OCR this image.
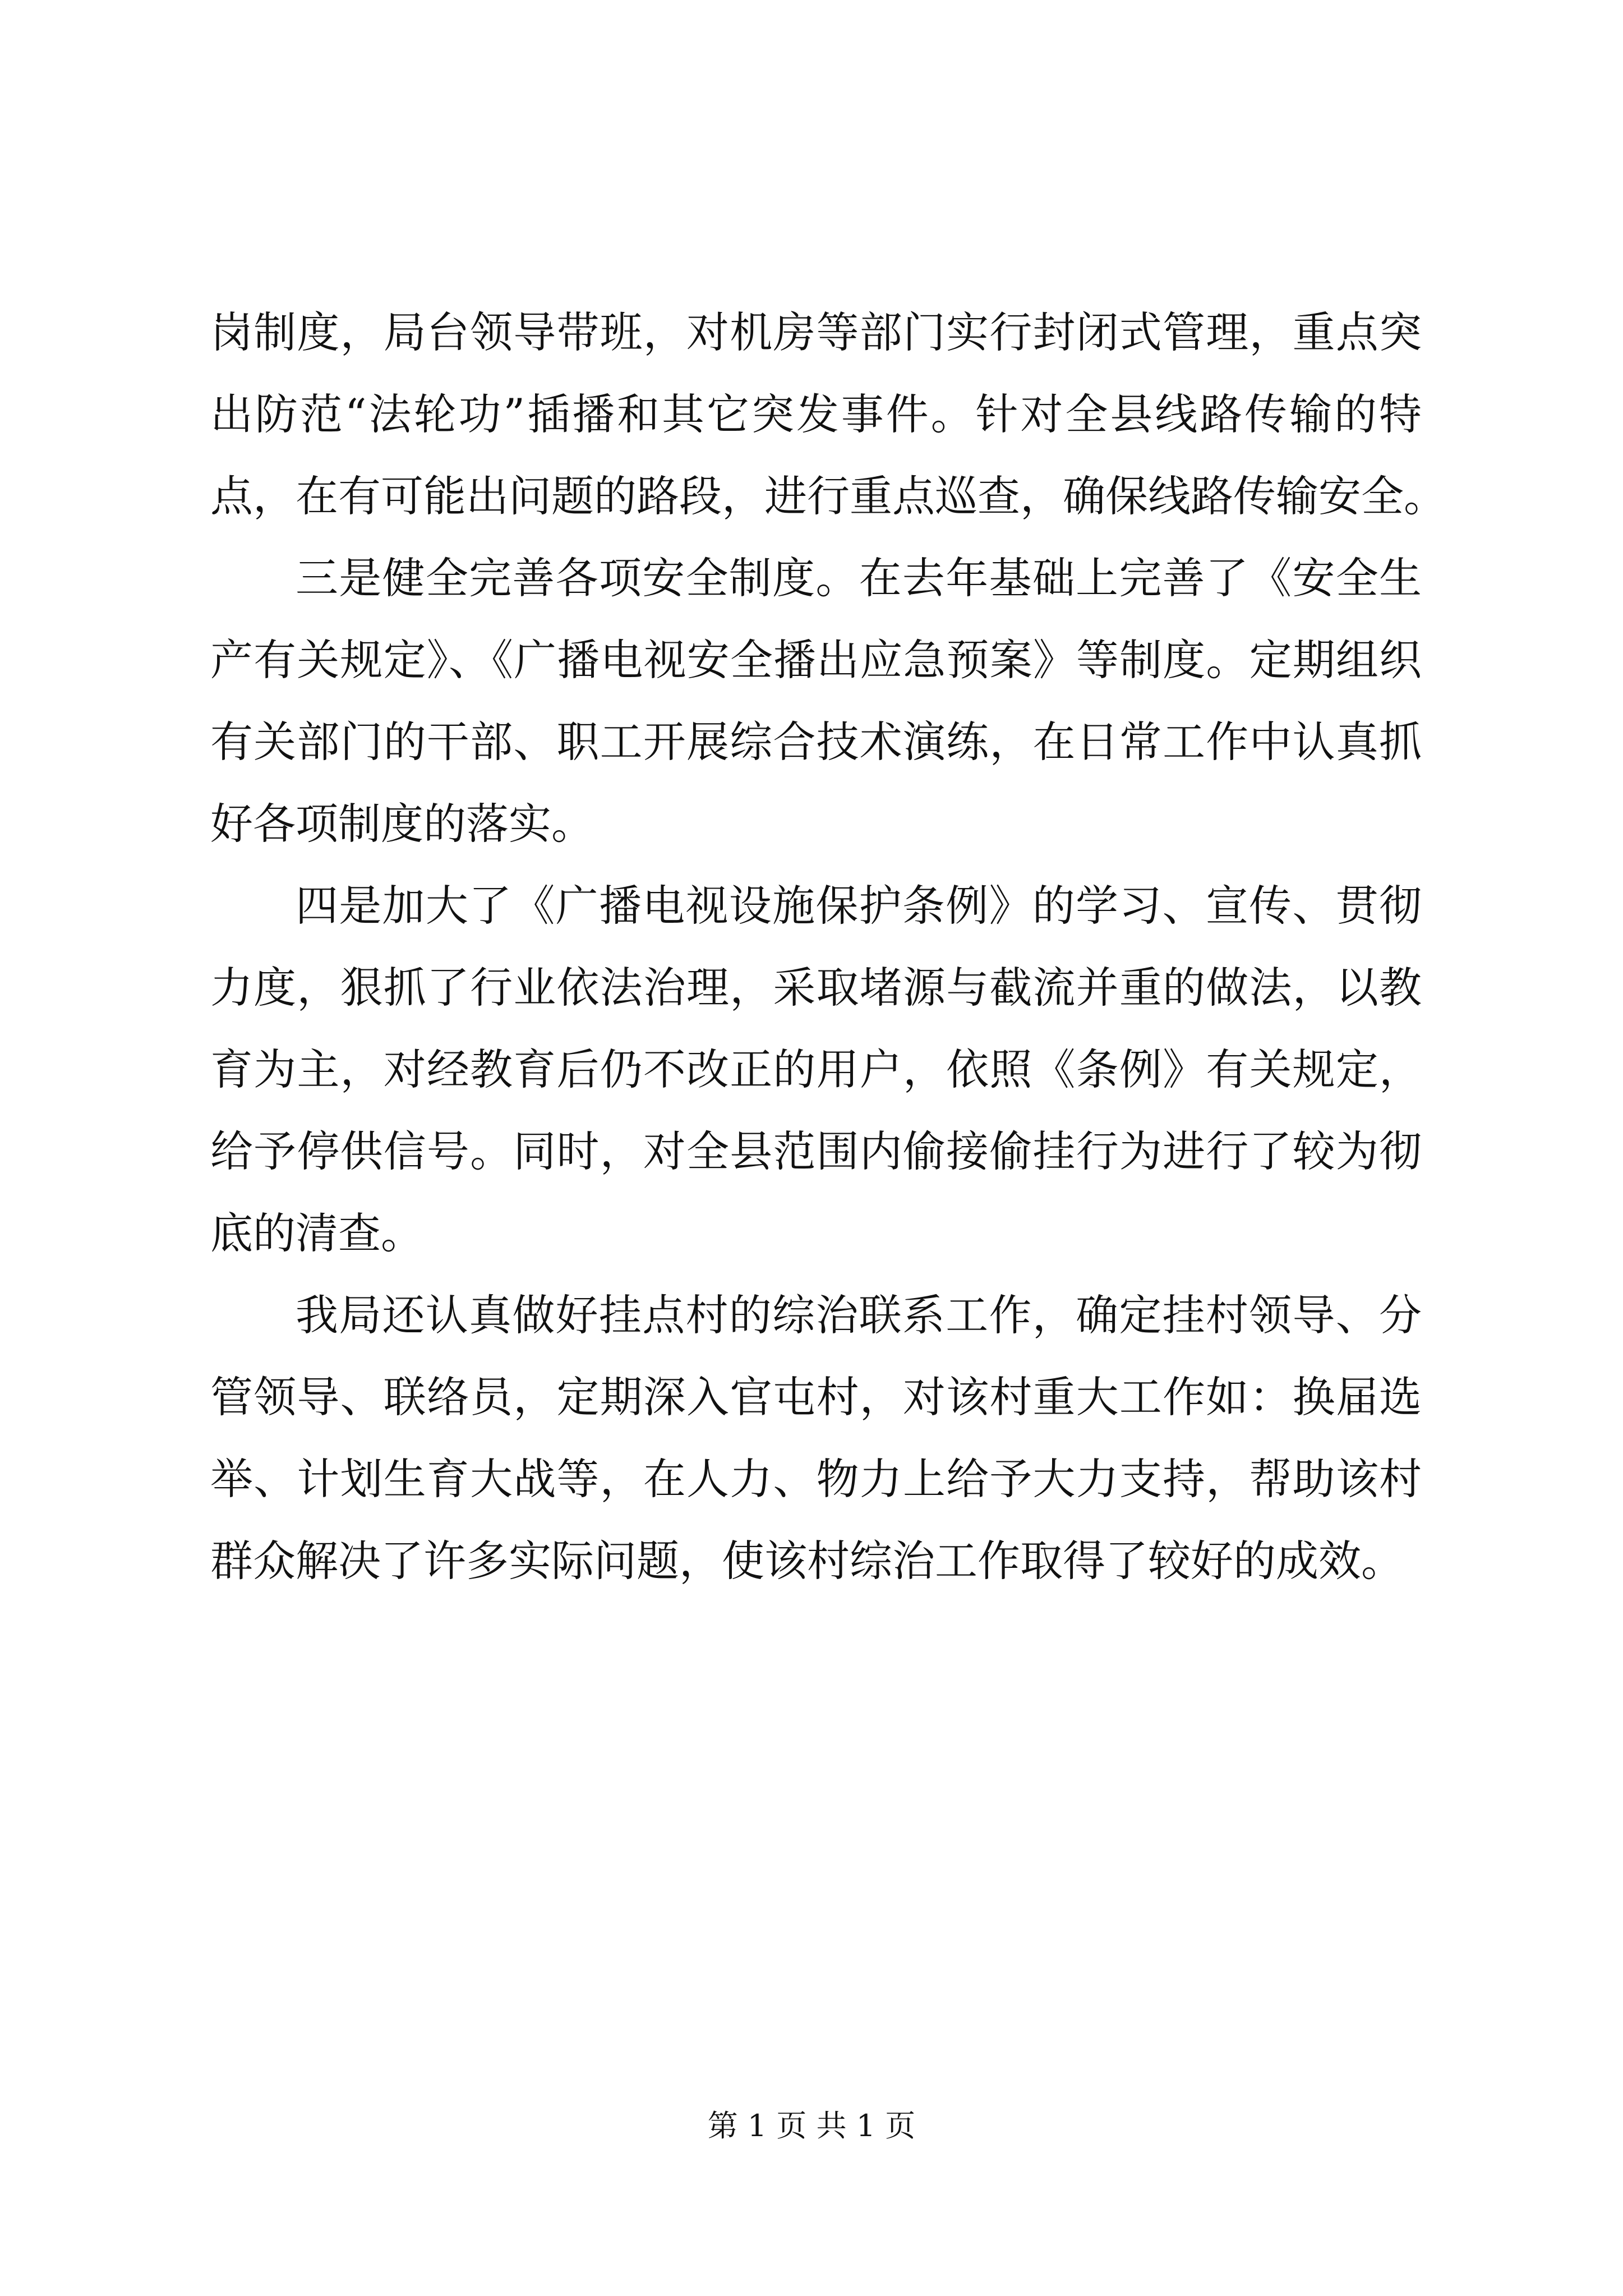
岗制度，局台领导带班，对机房等部门实行封闭式管理，重点突
出防范“法轮功”插播和其它突发事件。针对全县线路传输的特
点，在有可能出问题的路段，进行重点巡查，确保线路传输安全。
三是健全完善各项安全制度。在去年基础上完善了《安全生
产有关规定》、《广播电视安全播出应急预案》等制度。定期组织
有关部门的干部、职工开展综合技术演练，在日常工作中认真抓
好各项制度的落实。
四是加大了《广播电视设施保护条例》的学习、宣传、贯彻
力度，狠抓了行业依法治理，采取堵源与截流并重的做法，以教
育为主，对经教育后仍不改正的用户，依照《条例》有关规定，
给予停供信号。同时，对全县范围内偷接偷挂行为进行了较为彻
底的清查。
我局还认真做好挂点村的综治联系工作，确定挂村领导、分
管领导、联络员，定期深入官屯村，对该村重大工作如：换届选
举、计划生育大战等，在人力、物力上给予大力支持，帮助该村
群众解决了许多实际问题，使该村综治工作取得了较好的成效。
第 1 页 共 1 页
